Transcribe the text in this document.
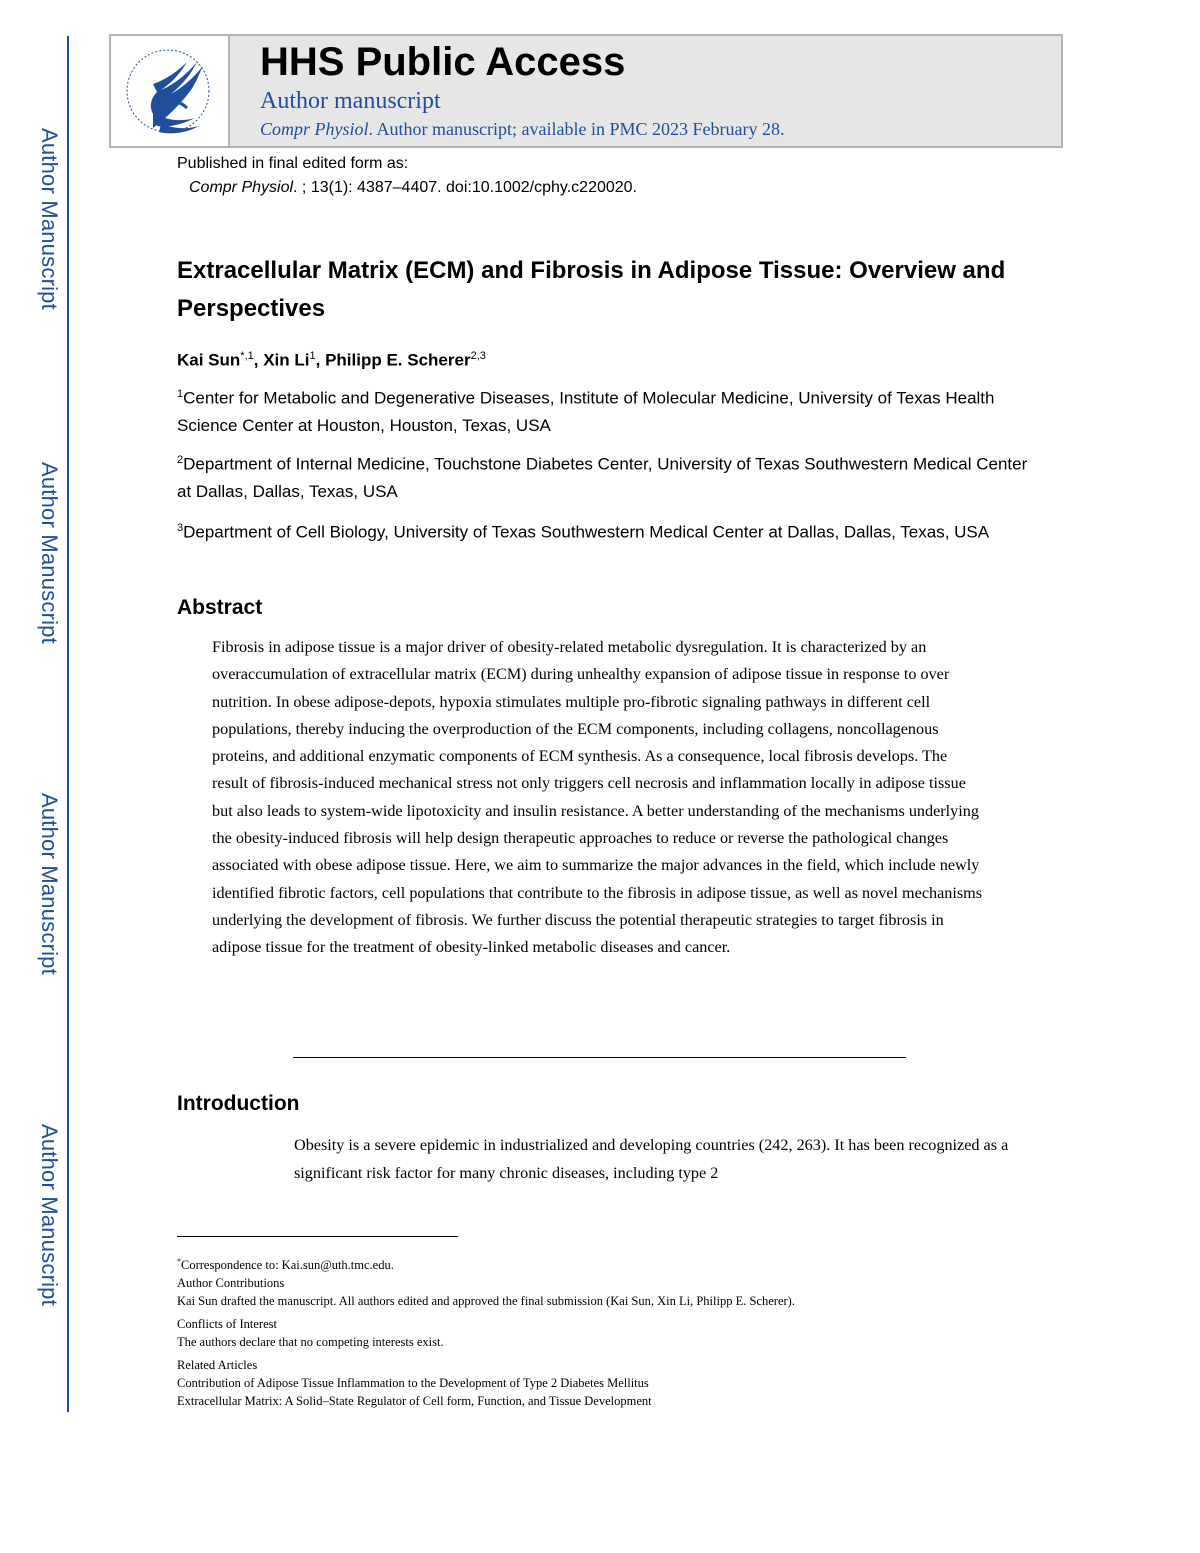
Author Manuscript
Author Manuscript
Author Manuscript
Author Manuscript
HHS Public Access
Author manuscript
Compr Physiol. Author manuscript; available in PMC 2023 February 28.
Published in final edited form as:
Compr Physiol. ; 13(1): 4387–4407. doi:10.1002/cphy.c220020.
Extracellular Matrix (ECM) and Fibrosis in Adipose Tissue: Overview and Perspectives
Kai Sun$^{*,1}$, Xin Li$^1$, Philipp E. Scherer$^{2,3}$
$^1$Center for Metabolic and Degenerative Diseases, Institute of Molecular Medicine, University of Texas Health Science Center at Houston, Houston, Texas, USA
$^2$Department of Internal Medicine, Touchstone Diabetes Center, University of Texas Southwestern Medical Center at Dallas, Dallas, Texas, USA
$^3$Department of Cell Biology, University of Texas Southwestern Medical Center at Dallas, Dallas, Texas, USA
Abstract
Fibrosis in adipose tissue is a major driver of obesity-related metabolic dysregulation. It is characterized by an overaccumulation of extracellular matrix (ECM) during unhealthy expansion of adipose tissue in response to over nutrition. In obese adipose-depots, hypoxia stimulates multiple pro-fibrotic signaling pathways in different cell populations, thereby inducing the overproduction of the ECM components, including collagens, noncollagenous proteins, and additional enzymatic components of ECM synthesis. As a consequence, local fibrosis develops. The result of fibrosis-induced mechanical stress not only triggers cell necrosis and inflammation locally in adipose tissue but also leads to system-wide lipotoxicity and insulin resistance. A better understanding of the mechanisms underlying the obesity-induced fibrosis will help design therapeutic approaches to reduce or reverse the pathological changes associated with obese adipose tissue. Here, we aim to summarize the major advances in the field, which include newly identified fibrotic factors, cell populations that contribute to the fibrosis in adipose tissue, as well as novel mechanisms underlying the development of fibrosis. We further discuss the potential therapeutic strategies to target fibrosis in adipose tissue for the treatment of obesity-linked metabolic diseases and cancer.
Introduction
Obesity is a severe epidemic in industrialized and developing countries (242, 263). It has been recognized as a significant risk factor for many chronic diseases, including type 2
*Correspondence to: Kai.sun@uth.tmc.edu.
Author Contributions
Kai Sun drafted the manuscript. All authors edited and approved the final submission (Kai Sun, Xin Li, Philipp E. Scherer).
Conflicts of Interest
The authors declare that no competing interests exist.
Related Articles
Contribution of Adipose Tissue Inflammation to the Development of Type 2 Diabetes Mellitus
Extracellular Matrix: A Solid–State Regulator of Cell form, Function, and Tissue Development
